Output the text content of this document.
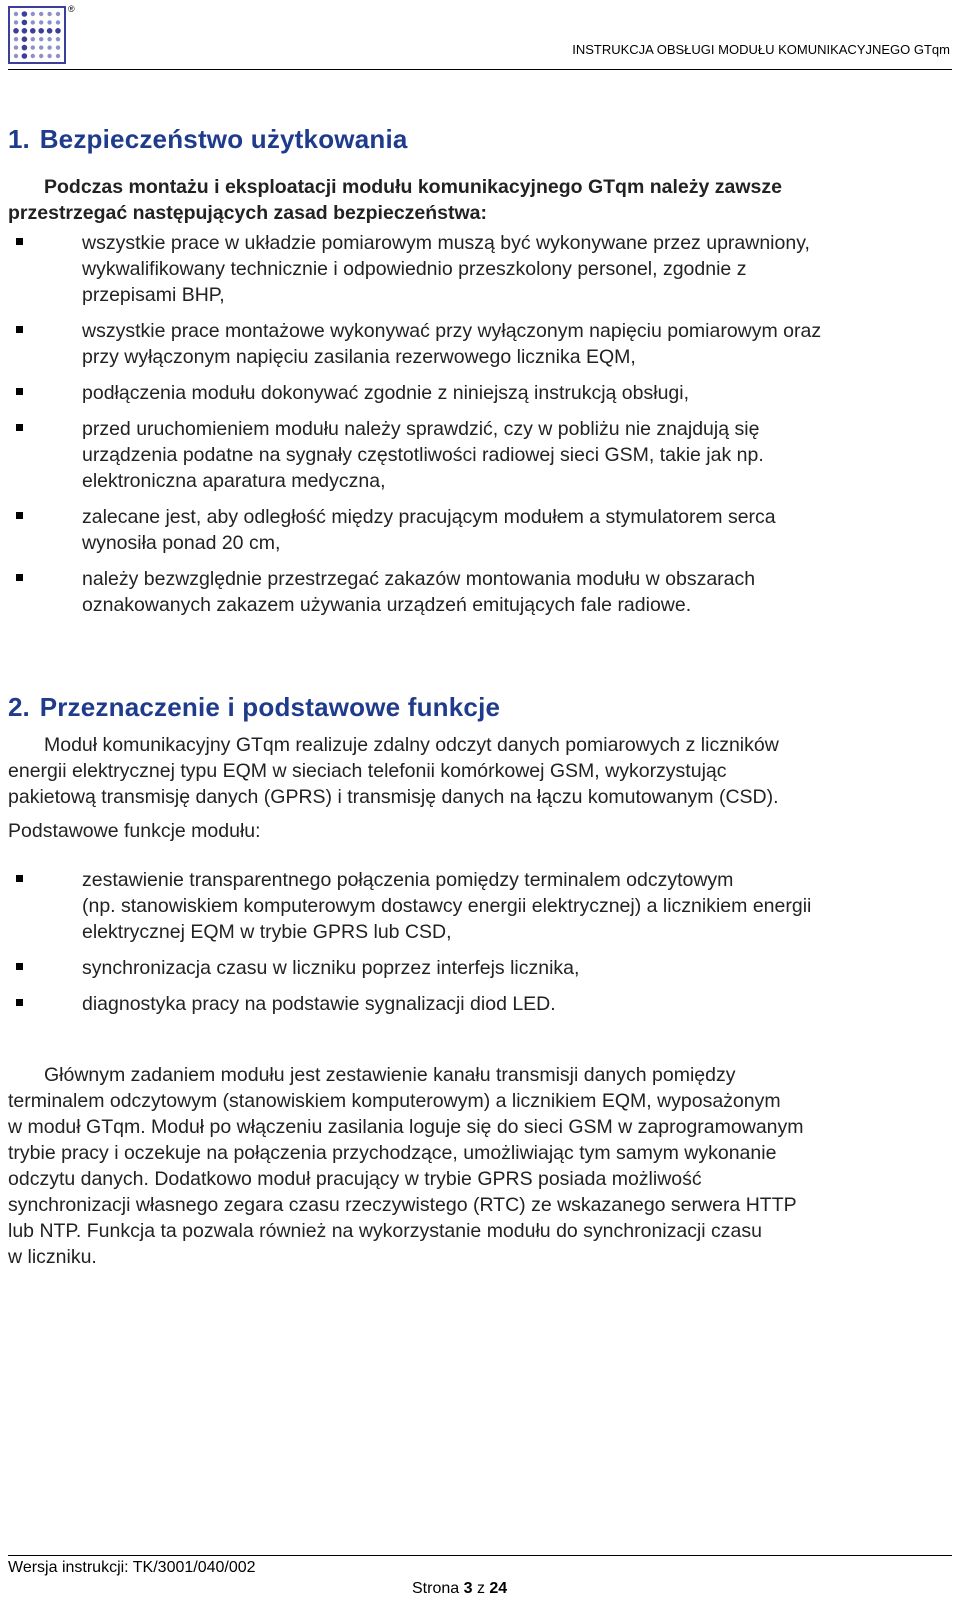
®
INSTRUKCJA OBSŁUGI MODUŁU KOMUNIKACYJNEGO GTqm
1. Bezpieczeństwo użytkowania
Podczas montażu i eksploatacji modułu komunikacyjnego GTqm należy zawsze
przestrzegać następujących zasad bezpieczeństwa:
wszystkie prace w układzie pomiarowym muszą być wykonywane przez uprawniony,
wykwalifikowany technicznie i odpowiednio przeszkolony personel, zgodnie z
przepisami BHP,
wszystkie prace montażowe wykonywać przy wyłączonym napięciu pomiarowym oraz
przy wyłączonym napięciu zasilania rezerwowego licznika EQM,
podłączenia modułu dokonywać zgodnie z niniejszą instrukcją obsługi,
przed uruchomieniem modułu należy sprawdzić, czy w pobliżu nie znajdują się
urządzenia podatne na sygnały częstotliwości radiowej sieci GSM, takie jak np.
elektroniczna aparatura medyczna,
zalecane jest, aby odległość między pracującym modułem a stymulatorem serca
wynosiła ponad 20 cm,
należy bezwzględnie przestrzegać zakazów montowania modułu w obszarach
oznakowanych zakazem używania urządzeń emitujących fale radiowe.
2. Przeznaczenie i podstawowe funkcje
Moduł komunikacyjny GTqm realizuje zdalny odczyt danych pomiarowych z liczników
energii elektrycznej typu EQM w sieciach telefonii komórkowej GSM, wykorzystując
pakietową transmisję danych (GPRS) i transmisję danych na łączu komutowanym (CSD).
Podstawowe funkcje modułu:
zestawienie transparentnego połączenia pomiędzy terminalem odczytowym
(np. stanowiskiem komputerowym dostawcy energii elektrycznej) a licznikiem energii
elektrycznej EQM w trybie GPRS lub CSD,
synchronizacja czasu w liczniku poprzez interfejs licznika,
diagnostyka pracy na podstawie sygnalizacji diod LED.
Głównym zadaniem modułu jest zestawienie kanału transmisji danych pomiędzy
terminalem odczytowym (stanowiskiem komputerowym) a licznikiem EQM, wyposażonym
w moduł GTqm. Moduł po włączeniu zasilania loguje się do sieci GSM w zaprogramowanym
trybie pracy i oczekuje na połączenia przychodzące, umożliwiając tym samym wykonanie
odczytu danych. Dodatkowo moduł pracujący w trybie GPRS posiada możliwość
synchronizacji własnego zegara czasu rzeczywistego (RTC) ze wskazanego serwera HTTP
lub NTP. Funkcja ta pozwala również na wykorzystanie modułu do synchronizacji czasu
w liczniku.
Wersja instrukcji: TK/3001/040/002
Strona 3 z 24
